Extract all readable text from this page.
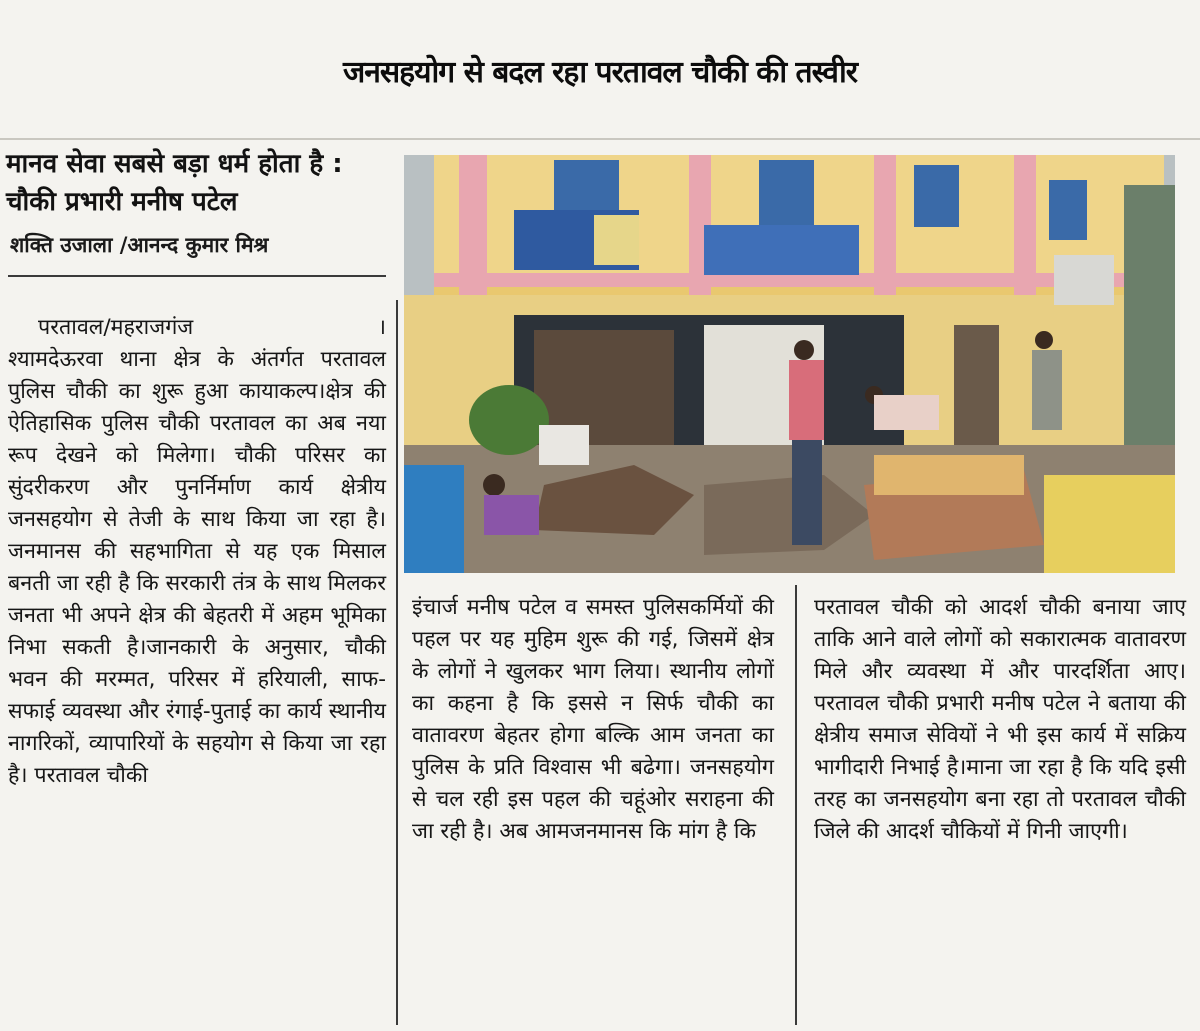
जनसहयोग से बदल रहा परतावल चौकी की तस्वीर
मानव सेवा सबसे बड़ा धर्म होता है :
चौकी प्रभारी मनीष पटेल
शक्ति उजाला /आनन्द कुमार मिश्र
परतावल/महराजगंज	।
श्यामदेऊरवा थाना क्षेत्र के अंतर्गत परतावल पुलिस चौकी का शुरू हुआ कायाकल्प।क्षेत्र की ऐतिहासिक पुलिस चौकी परतावल का अब नया रूप देखने को मिलेगा। चौकी परिसर का सुंदरीकरण और पुनर्निर्माण कार्य क्षेत्रीय जनसहयोग से तेजी के साथ किया जा रहा है। जनमानस की सहभागिता से यह एक मिसाल बनती जा रही है कि सरकारी तंत्र के साथ मिलकर जनता भी अपने क्षेत्र की बेहतरी में अहम भूमिका निभा सकती है।जानकारी के अनुसार, चौकी भवन की मरम्मत, परिसर में हरियाली, साफ-सफाई व्यवस्था और रंगाई-पुताई का कार्य स्थानीय नागरिकों, व्यापारियों के सहयोग से किया जा रहा है। परतावल चौकी
इंचार्ज मनीष पटेल व समस्त पुलिसकर्मियों की पहल पर यह मुहिम शुरू की गई, जिसमें क्षेत्र के लोगों ने खुलकर भाग लिया। स्थानीय लोगों का कहना है कि इससे न सिर्फ चौकी का वातावरण बेहतर होगा बल्कि आम जनता का पुलिस के प्रति विश्वास भी बढेगा। जनसहयोग से चल रही इस पहल की चहूंओर सराहना की जा रही है। अब आमजनमानस कि मांग है कि
परतावल चौकी को आदर्श चौकी बनाया जाए ताकि आने वाले लोगों को सकारात्मक वातावरण मिले और व्यवस्था में और पारदर्शिता आए।परतावल चौकी प्रभारी मनीष पटेल ने बताया की क्षेत्रीय समाज सेवियों ने भी इस कार्य में सक्रिय भागीदारी निभाई है।माना जा रहा है कि यदि इसी तरह का जनसहयोग बना रहा तो परतावल चौकी जिले की आदर्श चौकियों में गिनी जाएगी।
